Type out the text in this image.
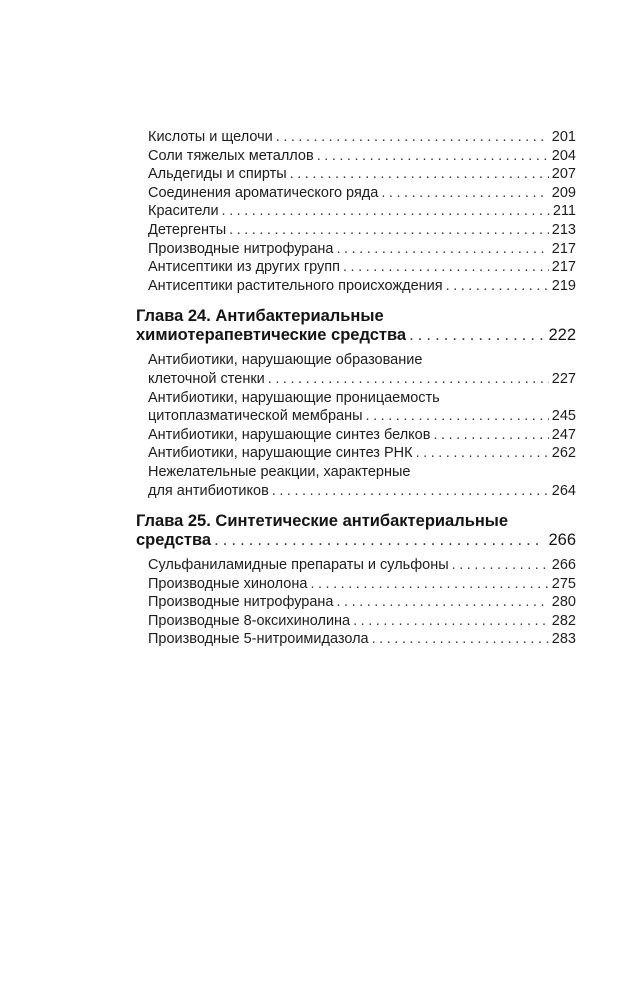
Кислоты и щелочи . . .	201
Соли тяжелых металлов . . .	204
Альдегиды и спирты . . .	207
Соединения ароматического ряда . . .	209
Красители . . .	211
Детергенты . . .	213
Производные нитрофурана . . .	217
Антисептики из других групп . . .	217
Антисептики растительного происхождения . . .	219
Глава 24. Антибактериальные
химиотерапевтические средства . . .	222
Антибиотики, нарушающие образование
клеточной стенки . . .	227
Антибиотики, нарушающие проницаемость
цитоплазматической мембраны . . .	245
Антибиотики, нарушающие синтез белков . . .	247
Антибиотики, нарушающие синтез РНК . . .	262
Нежелательные реакции, характерные
для антибиотиков . . .	264
Глава 25. Синтетические антибактериальные
средства . . .	266
Сульфаниламидные препараты и сульфоны . . .	266
Производные хинолона . . .	275
Производные нитрофурана . . .	280
Производные 8-оксихинолина . . .	282
Производные 5-нитроимидазола . . .	283
